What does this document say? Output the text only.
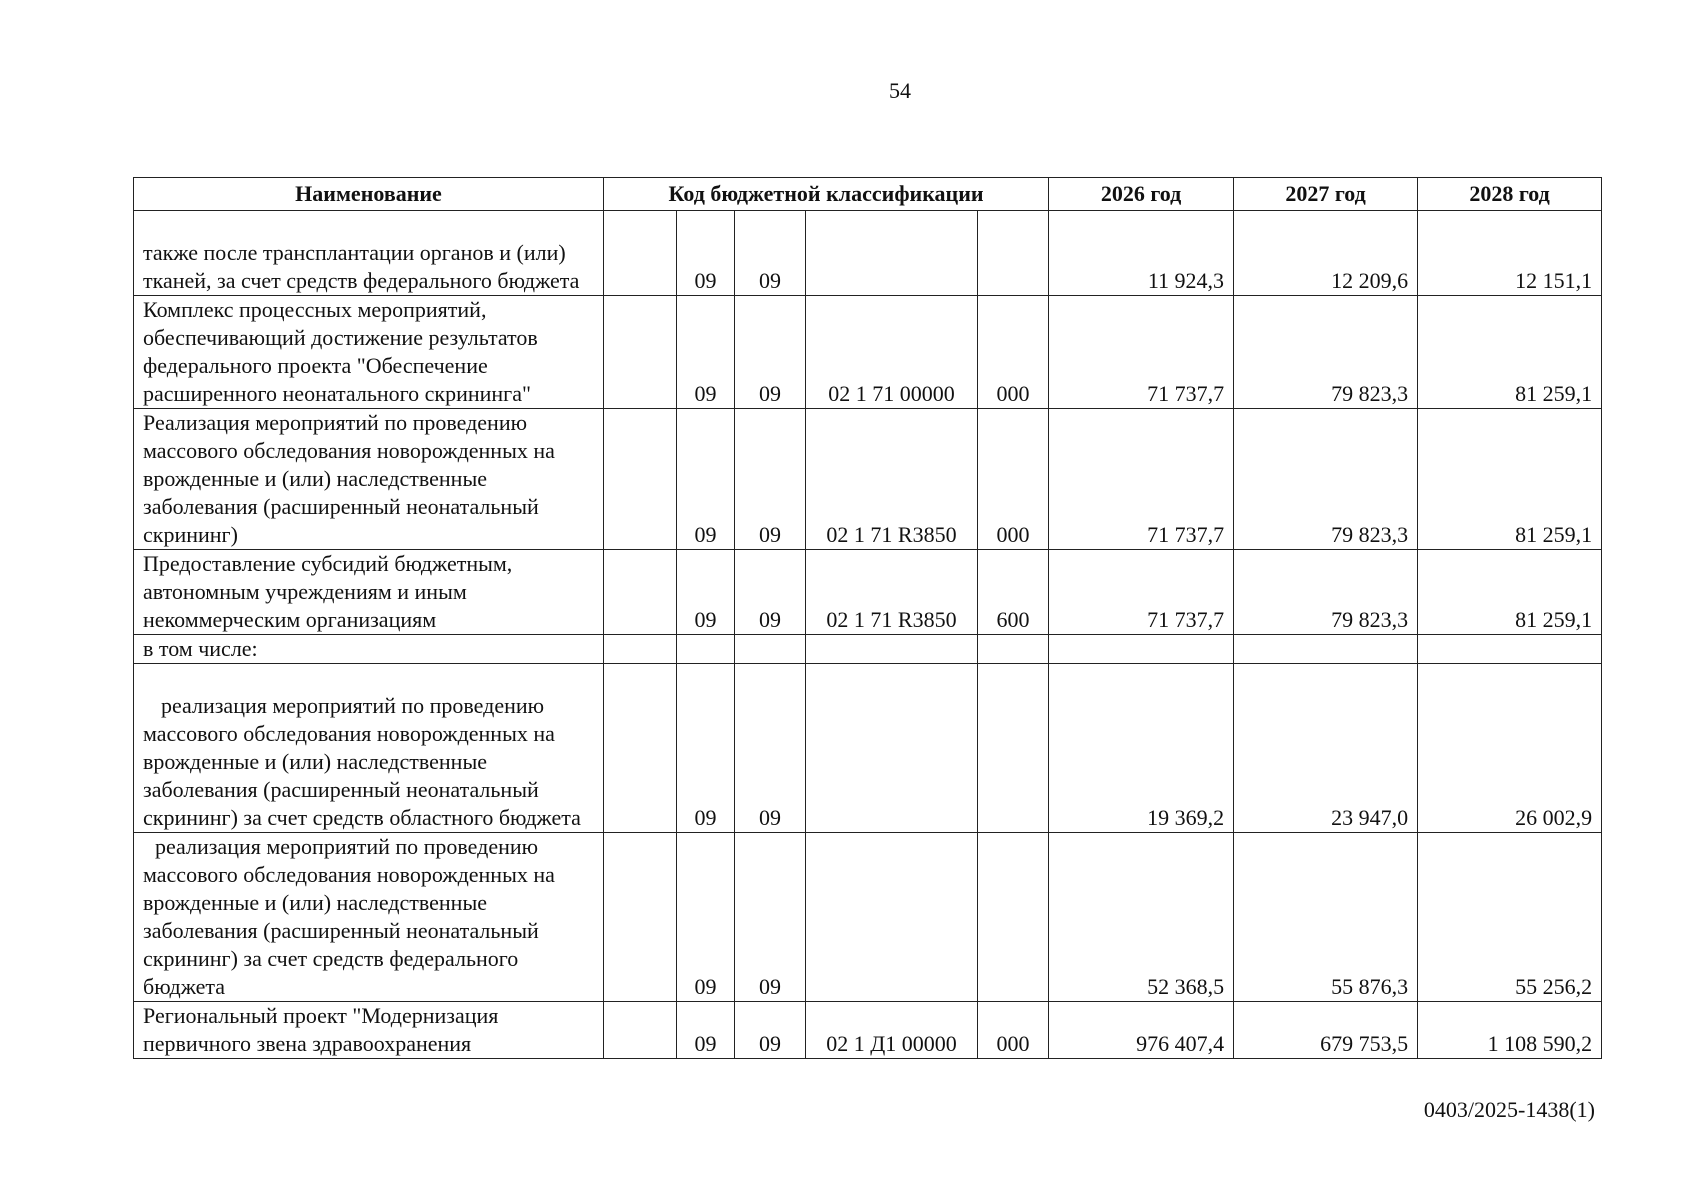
54
Наименование	Код бюджетной классификации					2026 год	2027 год	2028 год
также после трансплантации органов и (или) тканей, за счет средств федерального бюджета		09	09			11 924,3	12 209,6	12 151,1
Комплекс процессных мероприятий, обеспечивающий достижение результатов федерального проекта "Обеспечение расширенного неонатального скрининга"		09	09	02 1 71 00000	000	71 737,7	79 823,3	81 259,1
Реализация мероприятий по проведению массового обследования новорожденных на врожденные и (или) наследственные заболевания (расширенный неонатальный скрининг)		09	09	02 1 71 R3850	000	71 737,7	79 823,3	81 259,1
Предоставление субсидий бюджетным, автономным учреждениям и иным некоммерческим организациям		09	09	02 1 71 R3850	600	71 737,7	79 823,3	81 259,1
в том числе:								
реализация мероприятий по проведению массового обследования новорожденных на врожденные и (или) наследственные заболевания (расширенный неонатальный скрининг) за счет средств областного бюджета		09	09			19 369,2	23 947,0	26 002,9
реализация мероприятий по проведению массового обследования новорожденных на врожденные и (или) наследственные заболевания (расширенный неонатальный скрининг) за счет средств федерального бюджета		09	09			52 368,5	55 876,3	55 256,2
Региональный проект "Модернизация первичного звена здравоохранения		09	09	02 1 Д1 00000	000	976 407,4	679 753,5	1 108 590,2
0403/2025-1438(1)
